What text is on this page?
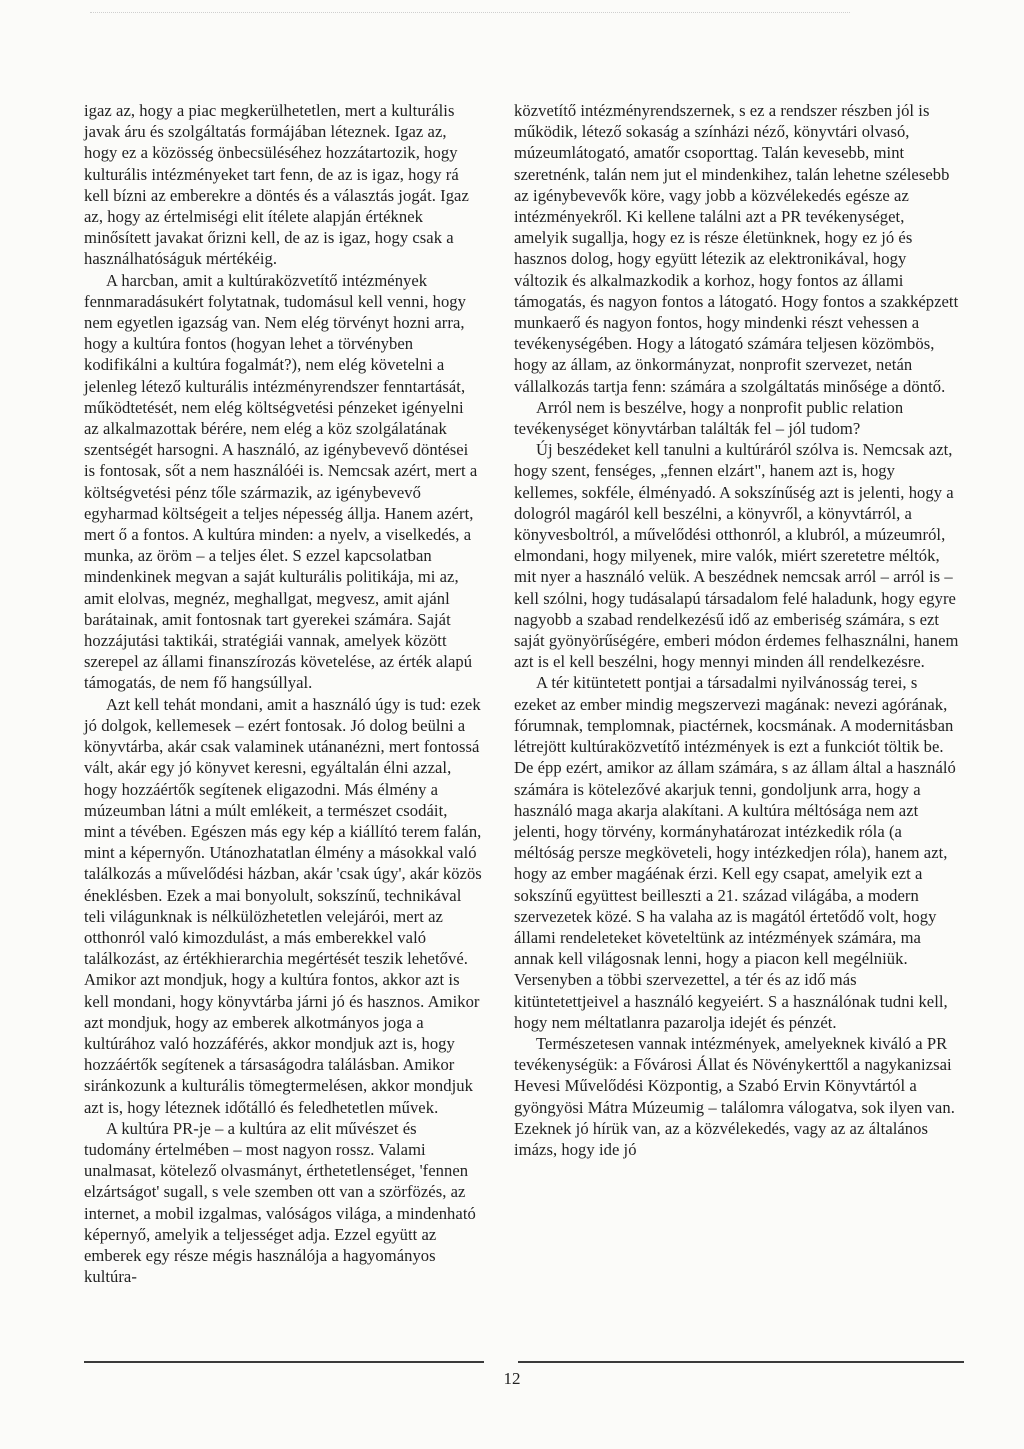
igaz az, hogy a piac megkerülhetetlen, mert a kulturális javak áru és szolgáltatás formájában léteznek. Igaz az, hogy ez a közösség önbecsüléséhez hozzátartozik, hogy kulturális intézményeket tart fenn, de az is igaz, hogy rá kell bízni az emberekre a döntés és a választás jogát. Igaz az, hogy az értelmiségi elit ítélete alapján értéknek minősített javakat őrizni kell, de az is igaz, hogy csak a használhatóságuk mértékéig.

A harcban, amit a kultúraközvetítő intézmények fennmaradásukért folytatnak, tudomásul kell venni, hogy nem egyetlen igazság van. Nem elég törvényt hozni arra, hogy a kultúra fontos (hogyan lehet a törvényben kodifikálni a kultúra fogalmát?), nem elég követelni a jelenleg létező kulturális intézményrendszer fenntartását, működtetését, nem elég költségvetési pénzeket igényelni az alkalmazottak bérére, nem elég a köz szolgálatának szentségét harsogni. A használó, az igénybevevő döntései is fontosak, sőt a nem használóéi is. Nemcsak azért, mert a költségvetési pénz tőle származik, az igénybevevő egyharmad költségeit a teljes népesség állja. Hanem azért, mert ő a fontos. A kultúra minden: a nyelv, a viselkedés, a munka, az öröm – a teljes élet. S ezzel kapcsolatban mindenkinek megvan a saját kulturális politikája, mi az, amit elolvas, megnéz, meghallgat, megvesz, amit ajánl barátainak, amit fontosnak tart gyerekei számára. Saját hozzájutási taktikái, stratégiái vannak, amelyek között szerepel az állami finanszírozás követelése, az érték alapú támogatás, de nem fő hangsúllyal.

Azt kell tehát mondani, amit a használó úgy is tud: ezek jó dolgok, kellemesek – ezért fontosak. Jó dolog beülni a könyvtárba, akár csak valaminek utánanézni, mert fontossá vált, akár egy jó könyvet keresni, egyáltalán élni azzal, hogy hozzáértők segítenek eligazodni. Más élmény a múzeumban látni a múlt emlékeit, a természet csodáit, mint a tévében. Egészen más egy kép a kiállító terem falán, mint a képernyőn. Utánozhatatlan élmény a másokkal való találkozás a művelődési házban, akár 'csak úgy', akár közös éneklésben. Ezek a mai bonyolult, sokszínű, technikával teli világunknak is nélkülözhetetlen velejárói, mert az otthonról való kimozdulást, a más emberekkel való találkozást, az értékhierarchia megértését teszik lehetővé. Amikor azt mondjuk, hogy a kultúra fontos, akkor azt is kell mondani, hogy könyvtárba járni jó és hasznos. Amikor azt mondjuk, hogy az emberek alkotmányos joga a kultúrához való hozzáférés, akkor mondjuk azt is, hogy hozzáértők segítenek a társaságodra találásban. Amikor siránkozunk a kulturális tömegtermelésen, akkor mondjuk azt is, hogy léteznek időtálló és feledhetetlen művek.

A kultúra PR-je – a kultúra az elit művészet és tudomány értelmében – most nagyon rossz. Valami unalmasat, kötelező olvasmányt, érthetetlenséget, 'fennen elzártságot' sugall, s vele szemben ott van a szörfözés, az internet, a mobil izgalmas, valóságos világa, a mindenható képernyő, amelyik a teljességet adja. Ezzel együtt az emberek egy része mégis használója a hagyományos kultúra-

közvetítő intézményrendszernek, s ez a rendszer részben jól is működik, létező sokaság a színházi néző, könyvtári olvasó, múzeumlátogató, amatőr csoporttag. Talán kevesebb, mint szeretnénk, talán nem jut el mindenkihez, talán lehetne szélesebb az igénybevevők köre, vagy jobb a közvélekedés egésze az intézményekről. Ki kellene találni azt a PR tevékenységet, amelyik sugallja, hogy ez is része életünknek, hogy ez jó és hasznos dolog, hogy együtt létezik az elektronikával, hogy változik és alkalmazkodik a korhoz, hogy fontos az állami támogatás, és nagyon fontos a látogató. Hogy fontos a szakképzett munkaerő és nagyon fontos, hogy mindenki részt vehessen a tevékenységében. Hogy a látogató számára teljesen közömbös, hogy az állam, az önkormányzat, nonprofit szervezet, netán vállalkozás tartja fenn: számára a szolgáltatás minősége a döntő.

Arról nem is beszélve, hogy a nonprofit public relation tevékenységet könyvtárban találták fel – jól tudom?

Új beszédeket kell tanulni a kultúráról szólva is. Nemcsak azt, hogy szent, fenséges, „fennen elzárt", hanem azt is, hogy kellemes, sokféle, élményadó. A sokszínűség azt is jelenti, hogy a dologról magáról kell beszélni, a könyvről, a könyvtárról, a könyvesboltról, a művelődési otthonról, a klubról, a múzeumról, elmondani, hogy milyenek, mire valók, miért szeretetre méltók, mit nyer a használó velük. A beszédnek nemcsak arról – arról is – kell szólni, hogy tudásalapú társadalom felé haladunk, hogy egyre nagyobb a szabad rendelkezésű idő az emberiség számára, s ezt saját gyönyörűségére, emberi módon érdemes felhasználni, hanem azt is el kell beszélni, hogy mennyi minden áll rendelkezésre.

A tér kitüntetett pontjai a társadalmi nyilvánosság terei, s ezeket az ember mindig megszervezi magának: nevezi agórának, fórumnak, templomnak, piactérnek, kocsmának. A modernitásban létrejött kultúraközvetítő intézmények is ezt a funkciót töltik be. De épp ezért, amikor az állam számára, s az állam által a használó számára is kötelezővé akarjuk tenni, gondoljunk arra, hogy a használó maga akarja alakítani. A kultúra méltósága nem azt jelenti, hogy törvény, kormányhatározat intézkedik róla (a méltóság persze megköveteli, hogy intézkedjen róla), hanem azt, hogy az ember magáénak érzi. Kell egy csapat, amelyik ezt a sokszínű együttest beilleszti a 21. század világába, a modern szervezetek közé. S ha valaha az is magától értetődő volt, hogy állami rendeleteket követeltünk az intézmények számára, ma annak kell világosnak lenni, hogy a piacon kell megélniük. Versenyben a többi szervezettel, a tér és az idő más kitüntetettjeivel a használó kegyeiért. S a használónak tudni kell, hogy nem méltatlanra pazarolja idejét és pénzét.

Természetesen vannak intézmények, amelyeknek kiváló a PR tevékenységük: a Fővárosi Állat és Növénykerttől a nagykanizsai Hevesi Művelődési Központig, a Szabó Ervin Könyvtártól a gyöngyösi Mátra Múzeumig – találomra válogatva, sok ilyen van. Ezeknek jó hírük van, az a közvélekedés, vagy az az általános imázs, hogy ide jó

12
